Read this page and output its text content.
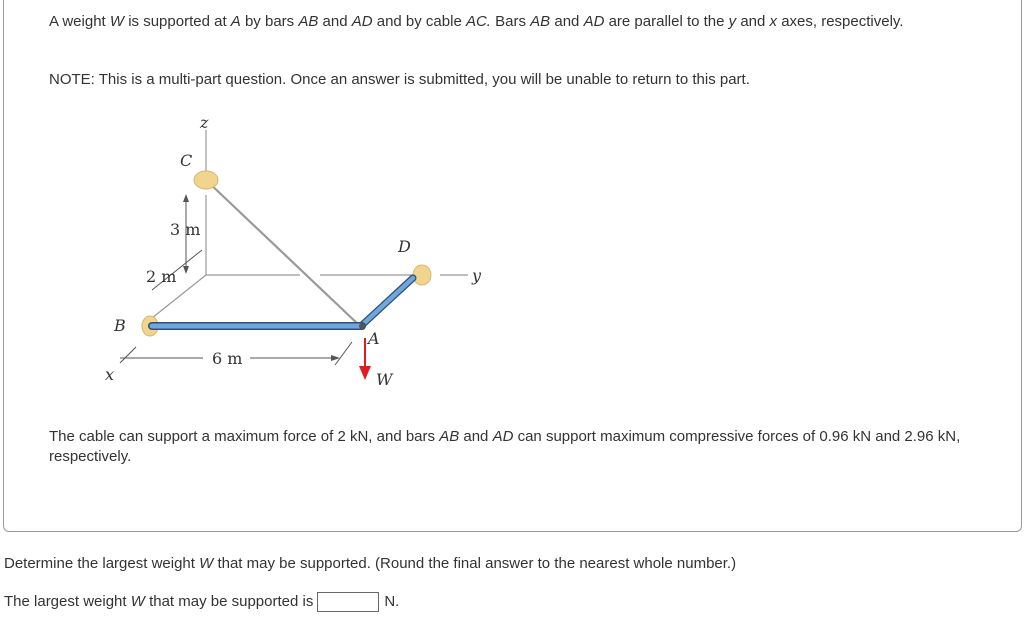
A weight W is supported at A by bars AB and AD and by cable AC. Bars AB and AD are parallel to the y and x axes, respectively.

NOTE: This is a multi-part question. Once an answer is submitted, you will be unable to return to this part.

z
C
3 m
2 m
B
x
6 m
D
y
A
W

The cable can support a maximum force of 2 kN, and bars AB and AD can support maximum compressive forces of 0.96 kN and 2.96 kN, respectively.

Determine the largest weight W that may be supported. (Round the final answer to the nearest whole number.)

The largest weight W that may be supported is	N.
